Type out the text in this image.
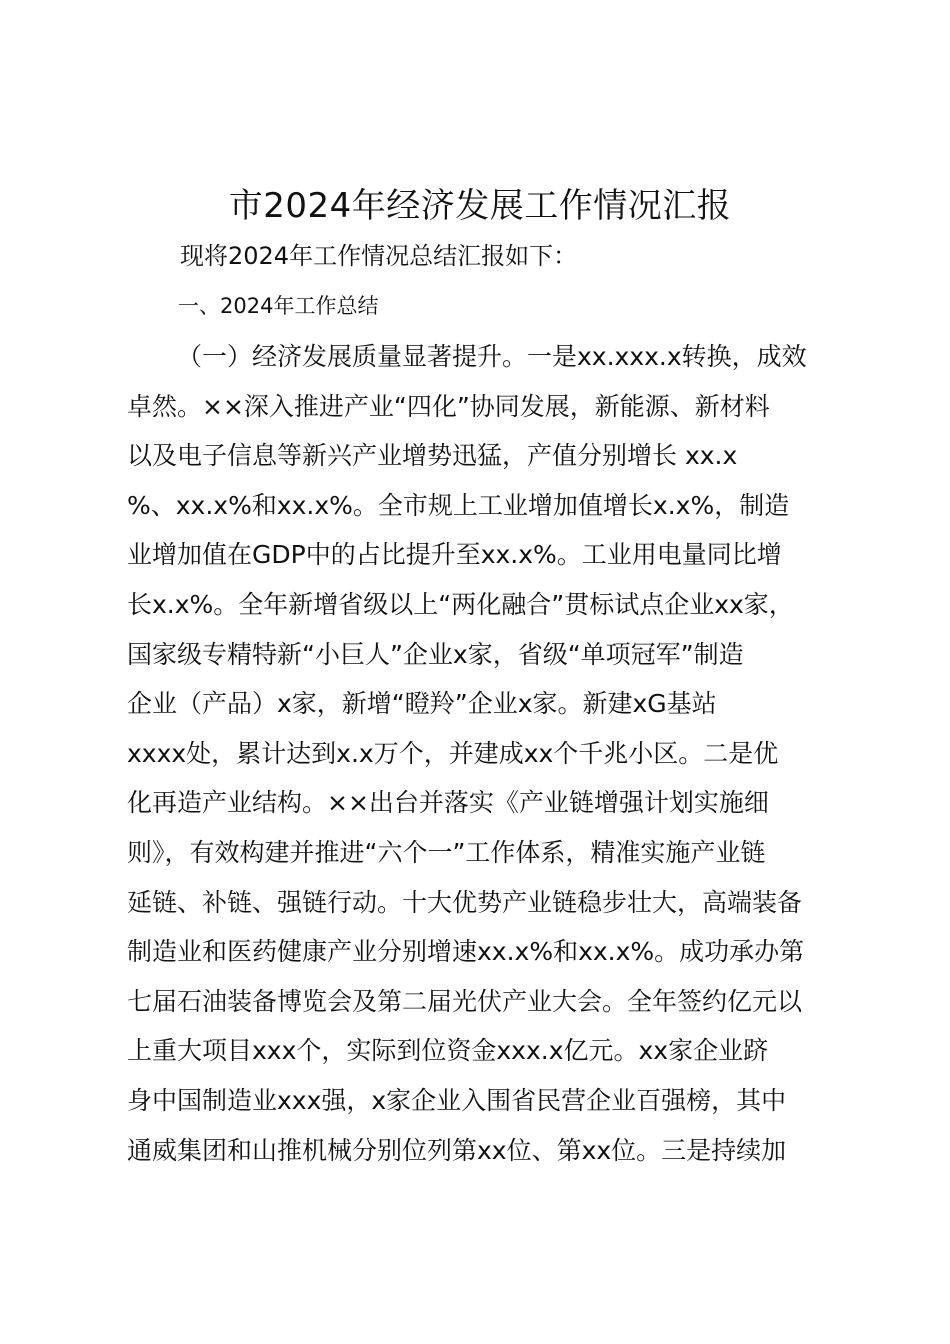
市2024年经济发展工作情况汇报
现将2024年工作情况总结汇报如下：
一、2024年工作总结
（一）经济发展质量显著提升。一是xx.xxx.x转换，成效
卓然。××深入推进产业“四化”协同发展，新能源、新材料
以及电子信息等新兴产业增势迅猛，产值分别增长 xx.x
%、xx.x%和xx.x%。全市规上工业增加值增长x.x%，制造
业增加值在GDP中的占比提升至xx.x%。工业用电量同比增
长x.x%。全年新增省级以上“两化融合”贯标试点企业xx家，
国家级专精特新“小巨人”企业x家，省级“单项冠军”制造
企业（产品）x家，新增“瞪羚”企业x家。新建xG基站
xxxx处，累计达到x.x万个，并建成xx个千兆小区。二是优
化再造产业结构。××出台并落实《产业链增强计划实施细
则》，有效构建并推进“六个一”工作体系，精准实施产业链
延链、补链、强链行动。十大优势产业链稳步壮大，高端装备
制造业和医药健康产业分别增速xx.x%和xx.x%。成功承办第
七届石油装备博览会及第二届光伏产业大会。全年签约亿元以
上重大项目xxx个，实际到位资金xxx.x亿元。xx家企业跻
身中国制造业xxx强，x家企业入围省民营企业百强榜，其中
通威集团和山推机械分别位列第xx位、第xx位。三是持续加
